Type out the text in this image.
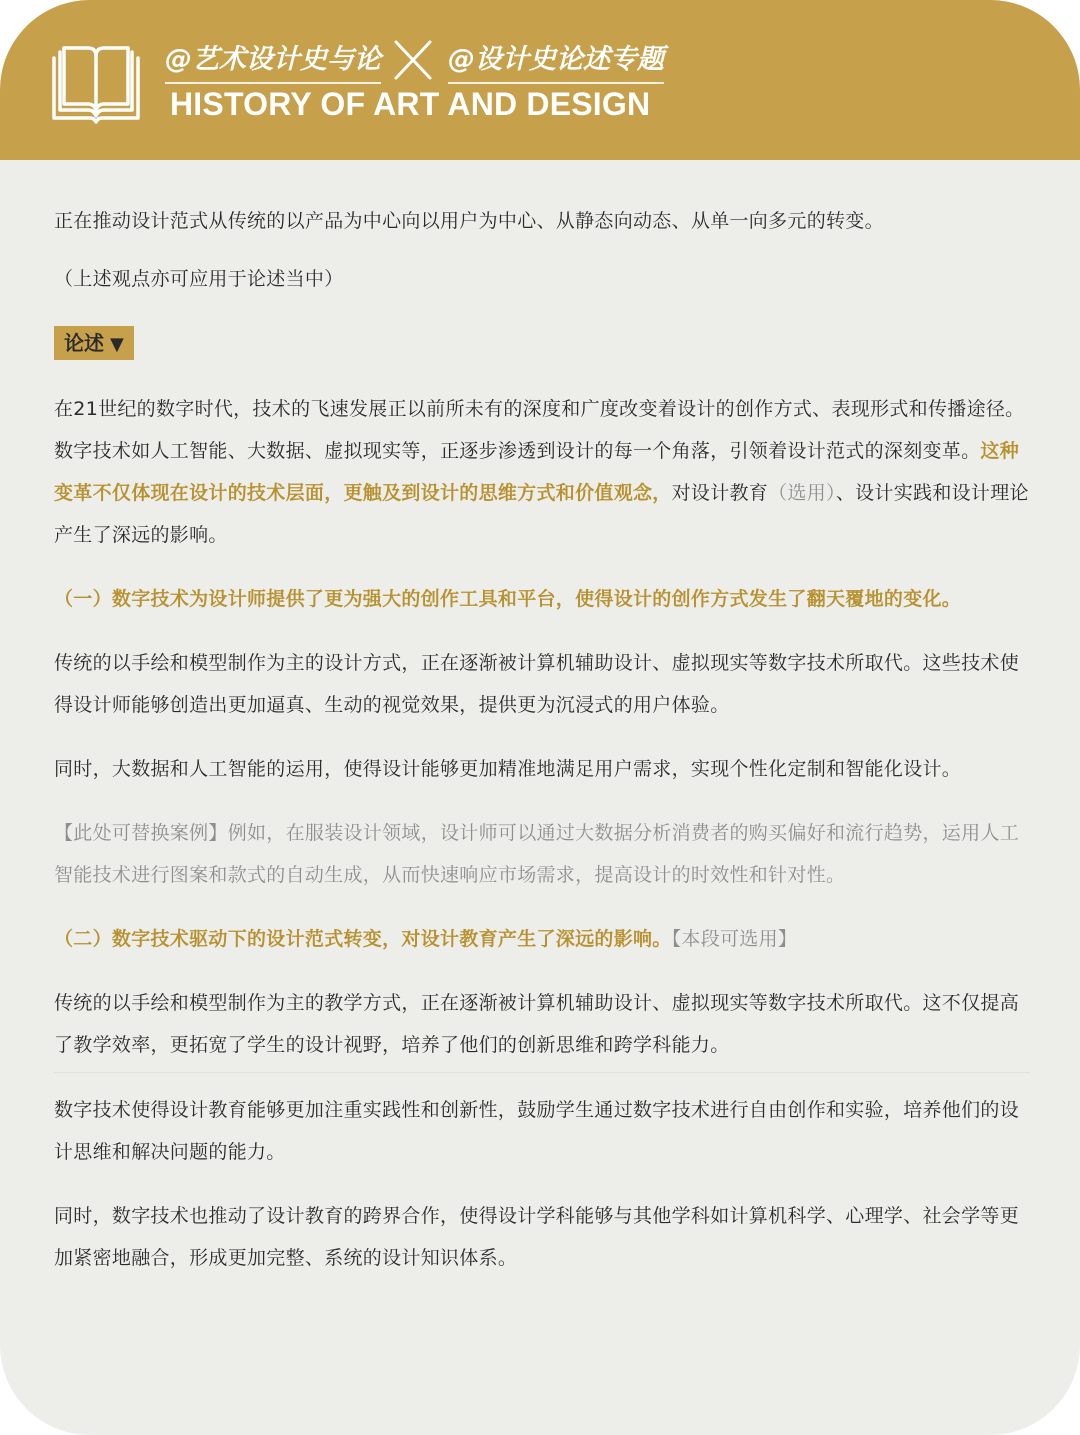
@艺术设计史与论 @设计史论述专题
HISTORY OF ART AND DESIGN

正在推动设计范式从传统的以产品为中心向以用户为中心、从静态向动态、从单一向多元的转变。

（上述观点亦可应用于论述当中）

论述 ▼

在21世纪的数字时代，技术的飞速发展正以前所未有的深度和广度改变着设计的创作方式、表现形式和传播途径。数字技术如人工智能、大数据、虚拟现实等，正逐步渗透到设计的每一个角落，引领着设计范式的深刻变革。这种变革不仅体现在设计的技术层面，更触及到设计的思维方式和价值观念，对设计教育（选用）、设计实践和设计理论产生了深远的影响。

（一）数字技术为设计师提供了更为强大的创作工具和平台，使得设计的创作方式发生了翻天覆地的变化。

传统的以手绘和模型制作为主的设计方式，正在逐渐被计算机辅助设计、虚拟现实等数字技术所取代。这些技术使得设计师能够创造出更加逼真、生动的视觉效果，提供更为沉浸式的用户体验。

同时，大数据和人工智能的运用，使得设计能够更加精准地满足用户需求，实现个性化定制和智能化设计。

【此处可替换案例】例如，在服装设计领域，设计师可以通过大数据分析消费者的购买偏好和流行趋势，运用人工智能技术进行图案和款式的自动生成，从而快速响应市场需求，提高设计的时效性和针对性。

（二）数字技术驱动下的设计范式转变，对设计教育产生了深远的影响。【本段可选用】

传统的以手绘和模型制作为主的教学方式，正在逐渐被计算机辅助设计、虚拟现实等数字技术所取代。这不仅提高了教学效率，更拓宽了学生的设计视野，培养了他们的创新思维和跨学科能力。

数字技术使得设计教育能够更加注重实践性和创新性，鼓励学生通过数字技术进行自由创作和实验，培养他们的设计思维和解决问题的能力。

同时，数字技术也推动了设计教育的跨界合作，使得设计学科能够与其他学科如计算机科学、心理学、社会学等更加紧密地融合，形成更加完整、系统的设计知识体系。
